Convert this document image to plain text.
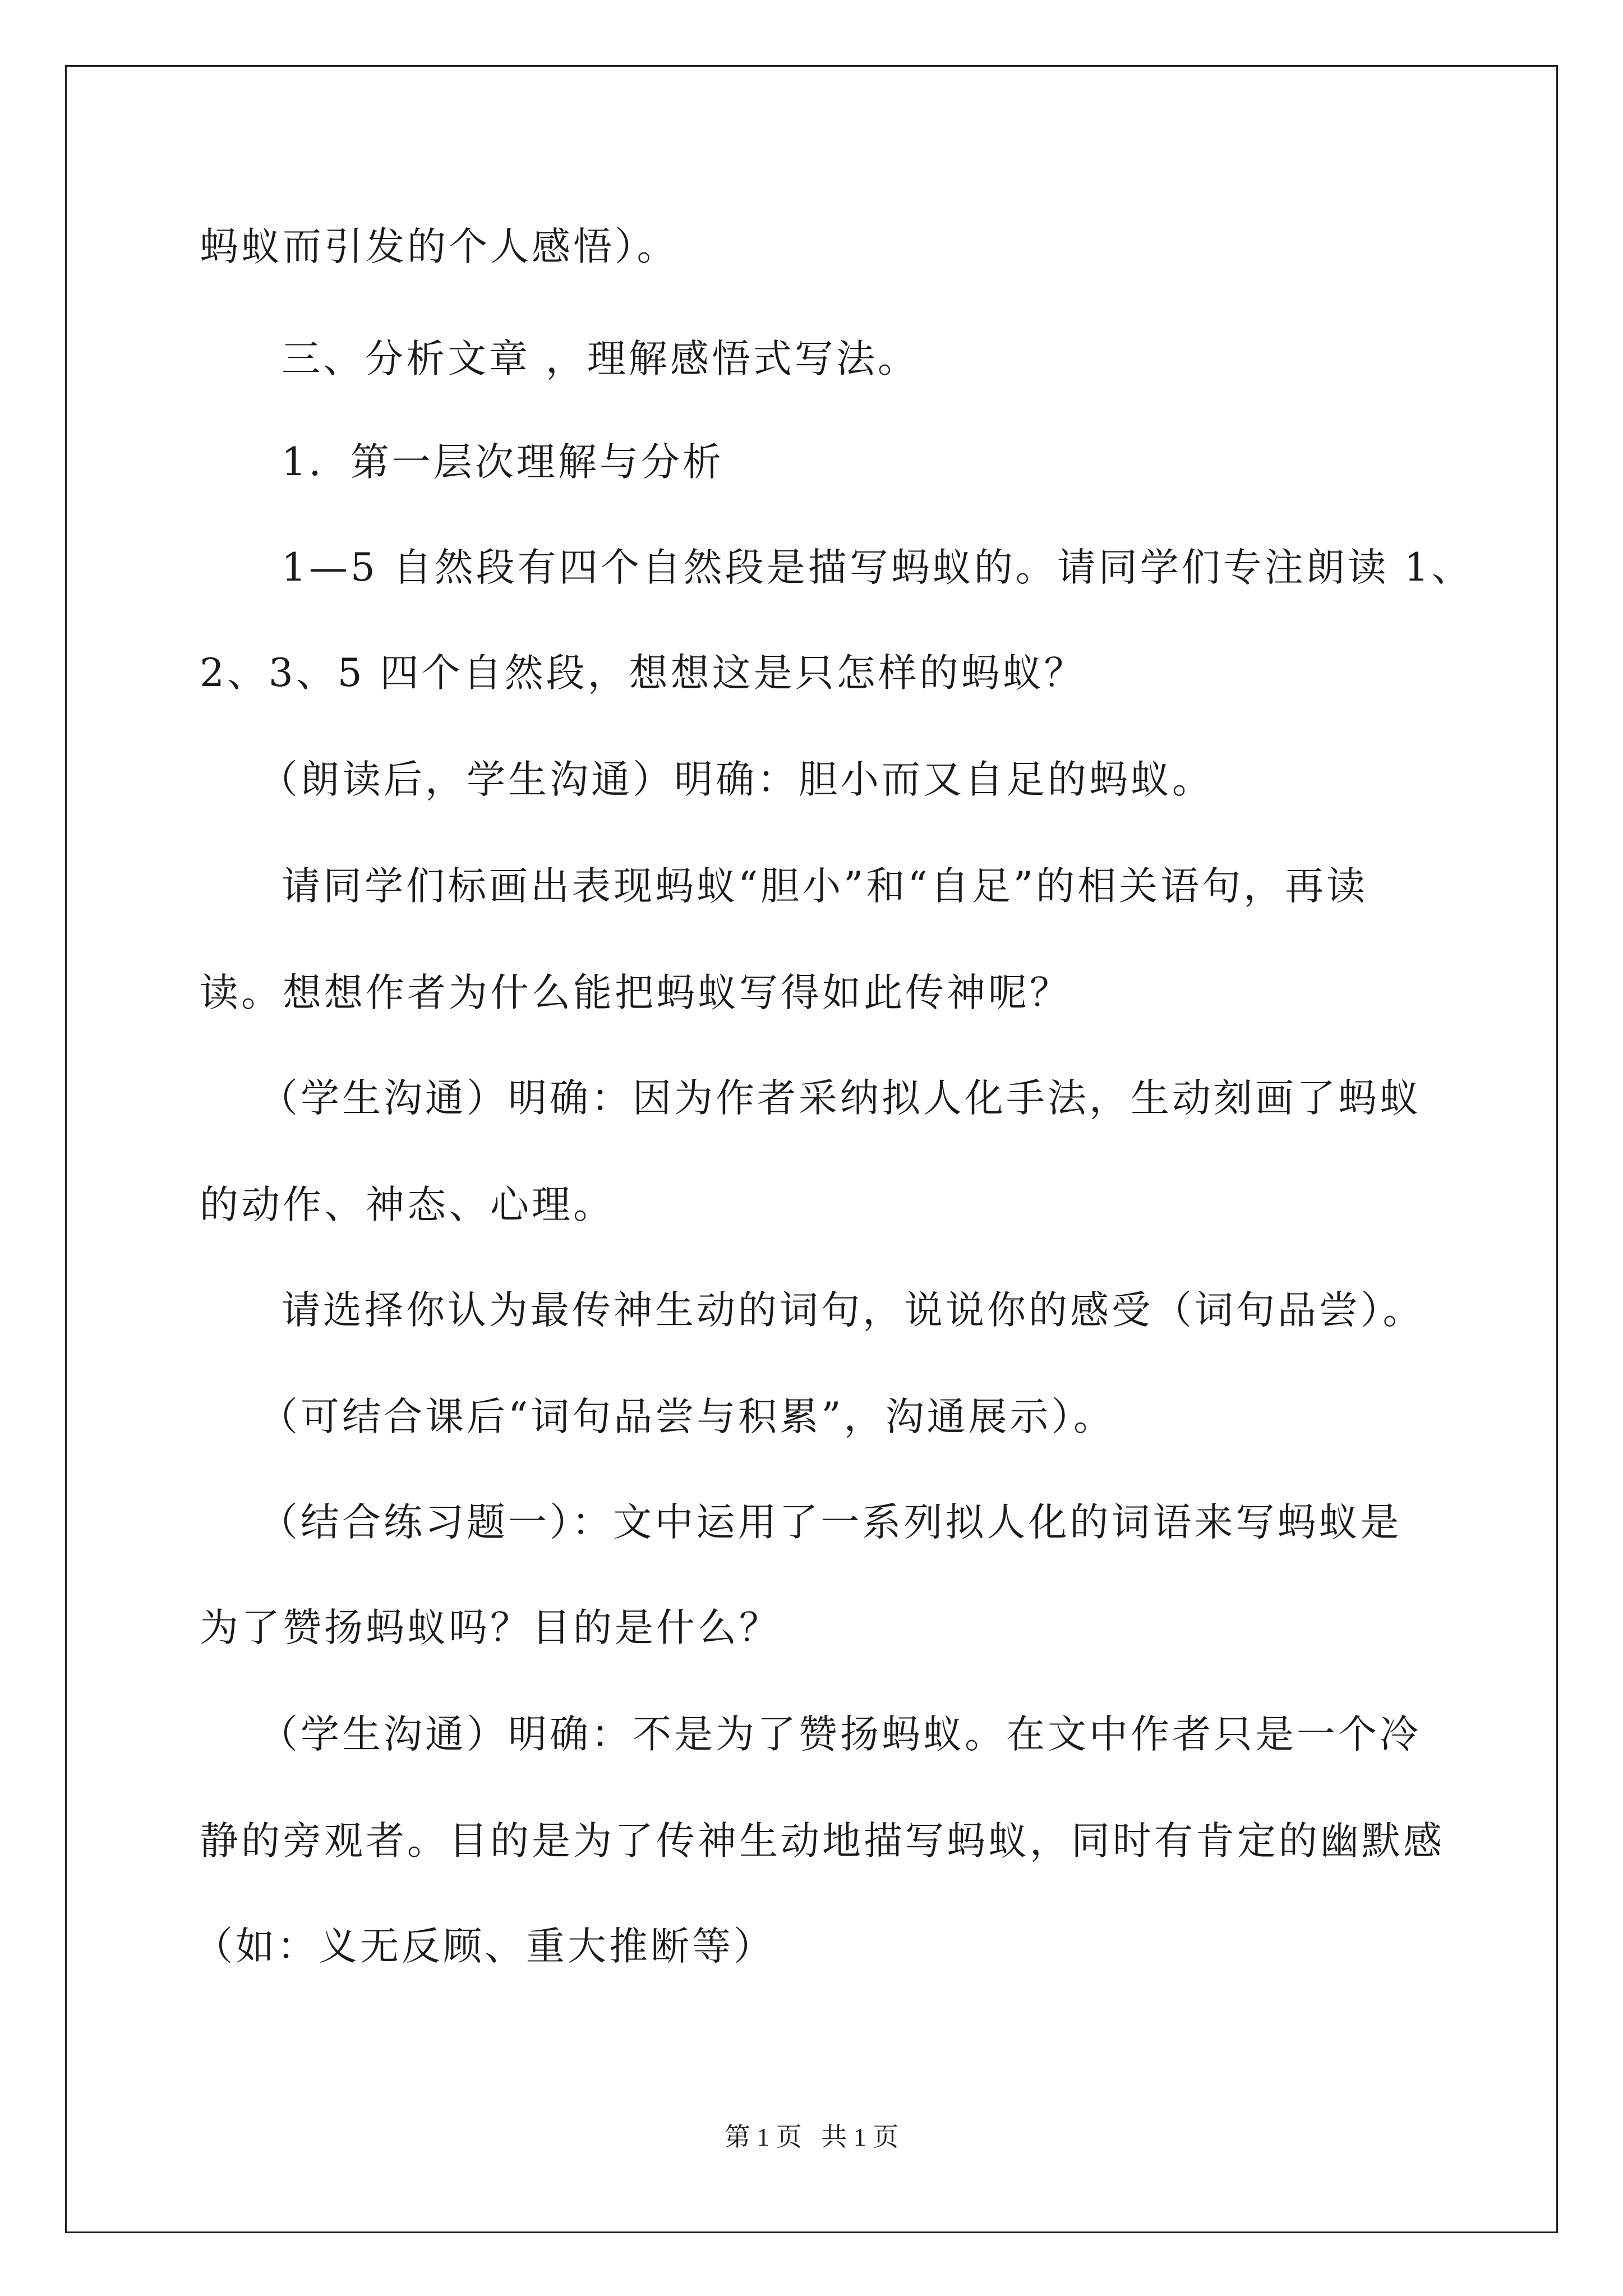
蚂蚁而引发的个人感悟）。
三、分析文章 ，理解感悟式写法。
1．第一层次理解与分析
1—5 自然段有四个自然段是描写蚂蚁的。请同学们专注朗读 1、
2、3、5 四个自然段，想想这是只怎样的蚂蚁？
（朗读后，学生沟通）明确：胆小而又自足的蚂蚁。
请同学们标画出表现蚂蚁“胆小”和“自足”的相关语句，再读
读。想想作者为什么能把蚂蚁写得如此传神呢？
（学生沟通）明确：因为作者采纳拟人化手法，生动刻画了蚂蚁
的动作、神态、心理。
请选择你认为最传神生动的词句，说说你的感受（词句品尝）。
（可结合课后“词句品尝与积累”，沟通展示）。
（结合练习题一）：文中运用了一系列拟人化的词语来写蚂蚁是
为了赞扬蚂蚁吗？目的是什么？
（学生沟通）明确：不是为了赞扬蚂蚁。在文中作者只是一个冷
静的旁观者。目的是为了传神生动地描写蚂蚁，同时有肯定的幽默感
（如：义无反顾、重大推断等）
第 1 页   共 1 页
